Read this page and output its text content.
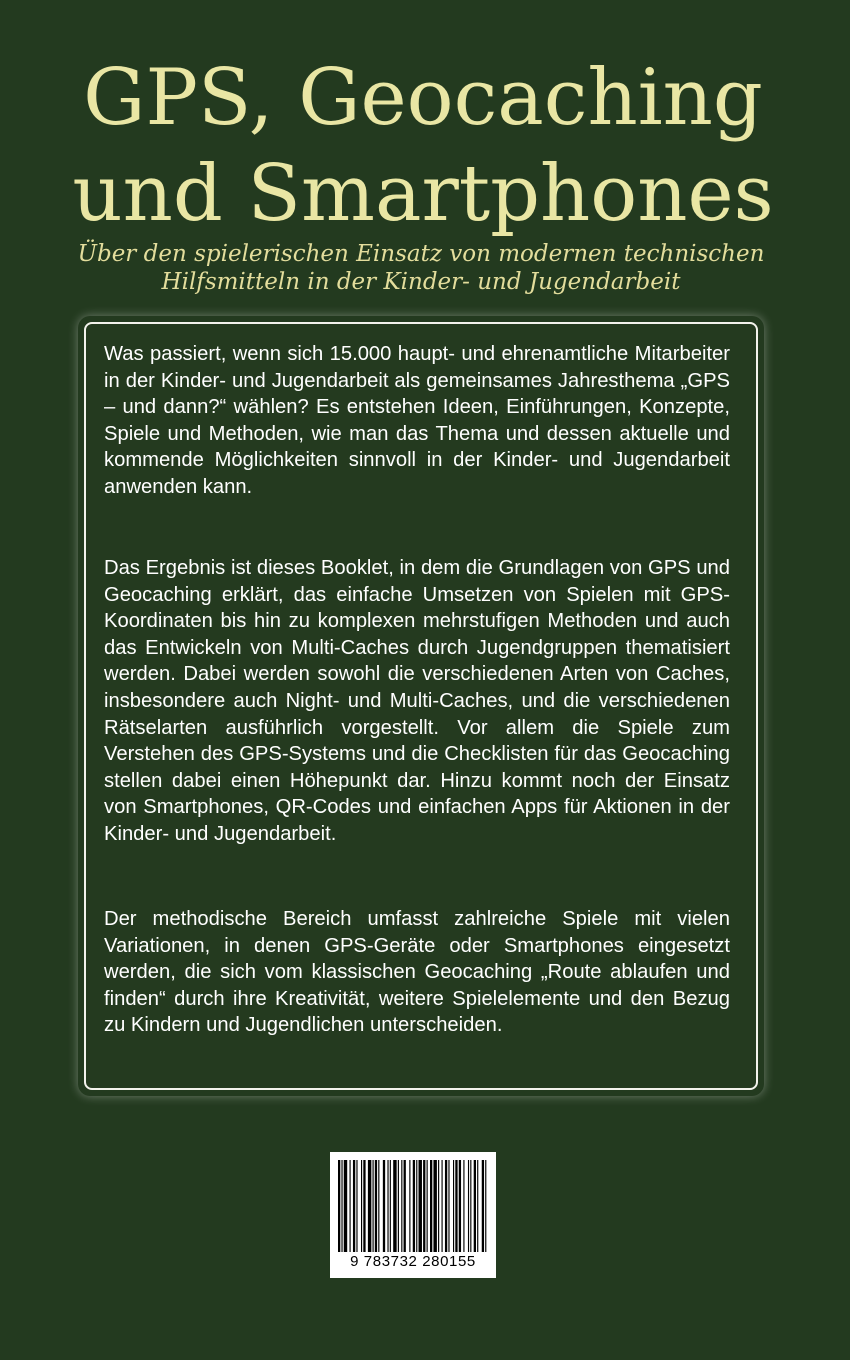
GPS, Geocaching
und Smartphones
Über den spielerischen Einsatz von modernen technischen
Hilfsmitteln in der Kinder- und Jugendarbeit

Was passiert, wenn sich 15.000 haupt- und ehrenamtliche Mitarbeiter in der Kinder- und Jugendarbeit als gemeinsames Jahresthema „GPS – und dann?“ wählen? Es entstehen Ideen, Einführungen, Konzepte, Spiele und Methoden, wie man das Thema und dessen aktuelle und kommende Möglichkeiten sinnvoll in der Kinder- und Jugendarbeit anwenden kann.

Das Ergebnis ist dieses Booklet, in dem die Grundlagen von GPS und Geocaching erklärt, das einfache Umsetzen von Spielen mit GPS-Koordinaten bis hin zu komplexen mehrstufigen Methoden und auch das Entwickeln von Multi-Caches durch Jugendgruppen thematisiert werden. Dabei werden sowohl die verschiedenen Arten von Caches, insbesondere auch Night- und Multi-Caches, und die verschiedenen Rätselarten ausführlich vorgestellt. Vor allem die Spiele zum Verstehen des GPS-Systems und die Checklisten für das Geocaching stellen dabei einen Höhepunkt dar. Hinzu kommt noch der Einsatz von Smartphones, QR-Codes und einfachen Apps für Aktionen in der Kinder- und Jugendarbeit.

Der methodische Bereich umfasst zahlreiche Spiele mit vielen Variationen, in denen GPS-Geräte oder Smartphones eingesetzt werden, die sich vom klassischen Geocaching „Route ablaufen und finden“ durch ihre Kreativität, weitere Spielelemente und den Bezug zu Kindern und Jugendlichen unterscheiden.

9 783732 280155
